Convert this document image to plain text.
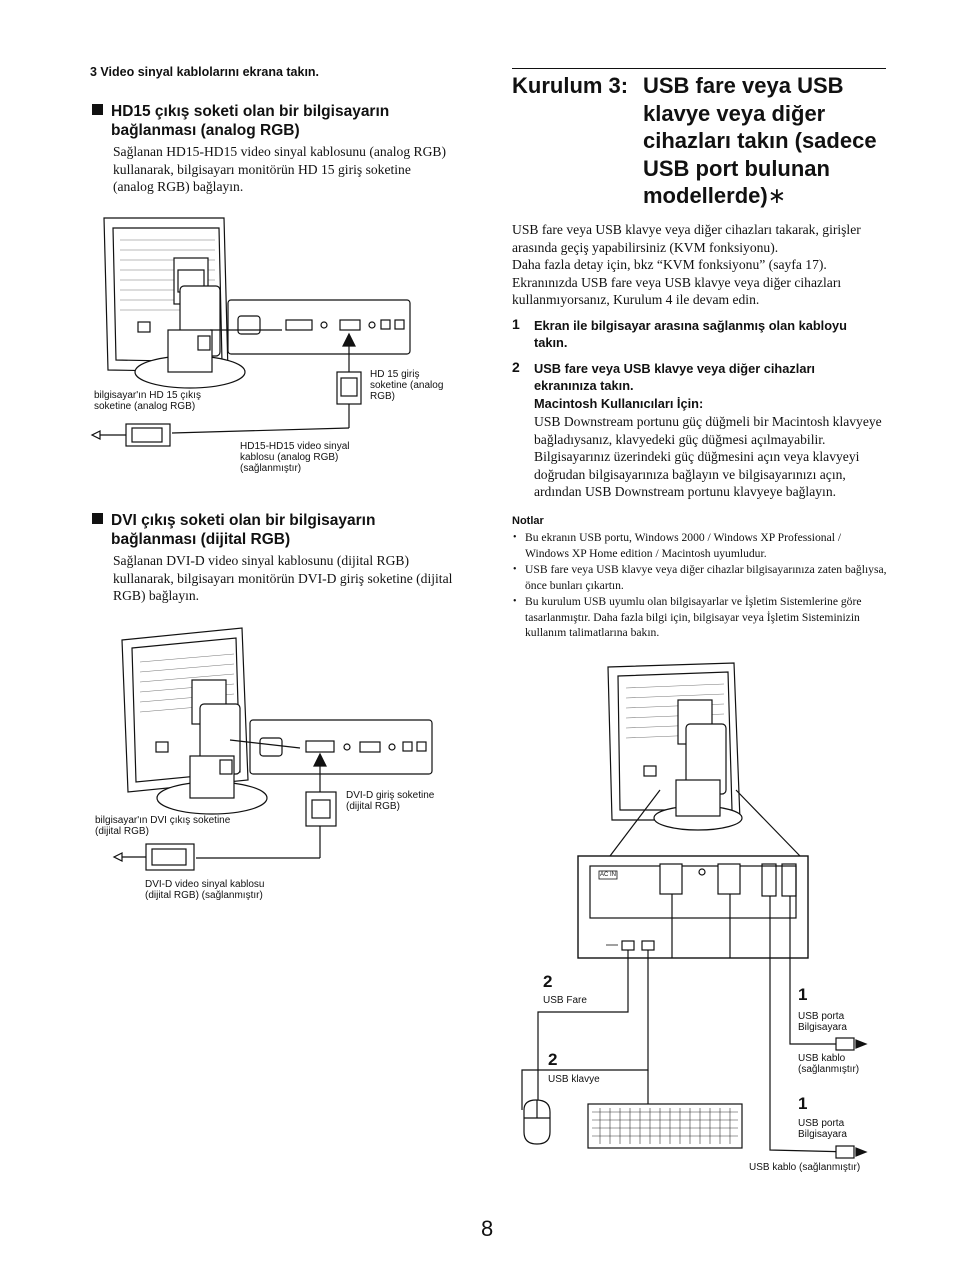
3 Video sinyal kablolarını ekrana takın.
HD15 çıkış soketi olan bir bilgisayarın
bağlanması (analog RGB)
Sağlanan HD15-HD15 video sinyal kablosunu (analog RGB) kullanarak, bilgisayarı monitörün HD 15 giriş soketine (analog RGB) bağlayın.
HD 15 giriş
soketine (analog
RGB)
bilgisayar'ın HD 15 çıkış
soketine (analog RGB)
HD15-HD15 video sinyal
kablosu (analog RGB)
(sağlanmıştır)
DVI çıkış soketi olan bir bilgisayarın
bağlanması (dijital RGB)
Sağlanan DVI-D video sinyal kablosunu (dijital RGB) kullanarak, bilgisayarı monitörün DVI-D giriş soketine (dijital RGB) bağlayın.
DVI-D giriş soketine
(dijital RGB)
bilgisayar'ın DVI çıkış soketine
(dijital RGB)
DVI-D video sinyal kablosu
(dijital RGB) (sağlanmıştır)
Kurulum 3: USB fare veya USB
klavye veya diğer
cihazları takın (sadece
USB port bulunan
modellerde)∗
USB fare veya USB klavye veya diğer cihazları takarak, girişler arasında geçiş yapabilirsiniz (KVM fonksiyonu).
Daha fazla detay için, bkz “KVM fonksiyonu” (sayfa 17).
Ekranınızda USB fare veya USB klavye veya diğer cihazları kullanmıyorsanız, Kurulum 4 ile devam edin.
1 Ekran ile bilgisayar arasına sağlanmış olan kabloyu takın.
2 USB fare veya USB klavye veya diğer cihazları ekranınıza takın.
Macintosh Kullanıcıları İçin:
USB Downstream portunu güç düğmeli bir Macintosh klavyeye bağladıysanız, klavyedeki güç düğmesi açılmayabilir. Bilgisayarınız üzerindeki güç düğmesini açın veya klavyeyi doğrudan bilgisayarınıza bağlayın ve bilgisayarınızı açın, ardından USB Downstream portunu klavyeye bağlayın.
Notlar
• Bu ekranın USB portu, Windows 2000 / Windows XP Professional / Windows XP Home edition / Macintosh uyumludur.
• USB fare veya USB klavye veya diğer cihazlar bilgisayarınıza zaten bağlıysa, önce bunları çıkartın.
• Bu kurulum USB uyumlu olan bilgisayarlar ve İşletim Sistemlerine göre tasarlanmıştır. Daha fazla bilgi için, bilgisayar veya İşletim Sisteminizin kullanım talimatlarına bakın.
AC IN
2
USB Fare
2
USB klavye
1
USB porta
Bilgisayara
USB kablo
(sağlanmıştır)
1
USB porta
Bilgisayara
USB kablo (sağlanmıştır)
8
